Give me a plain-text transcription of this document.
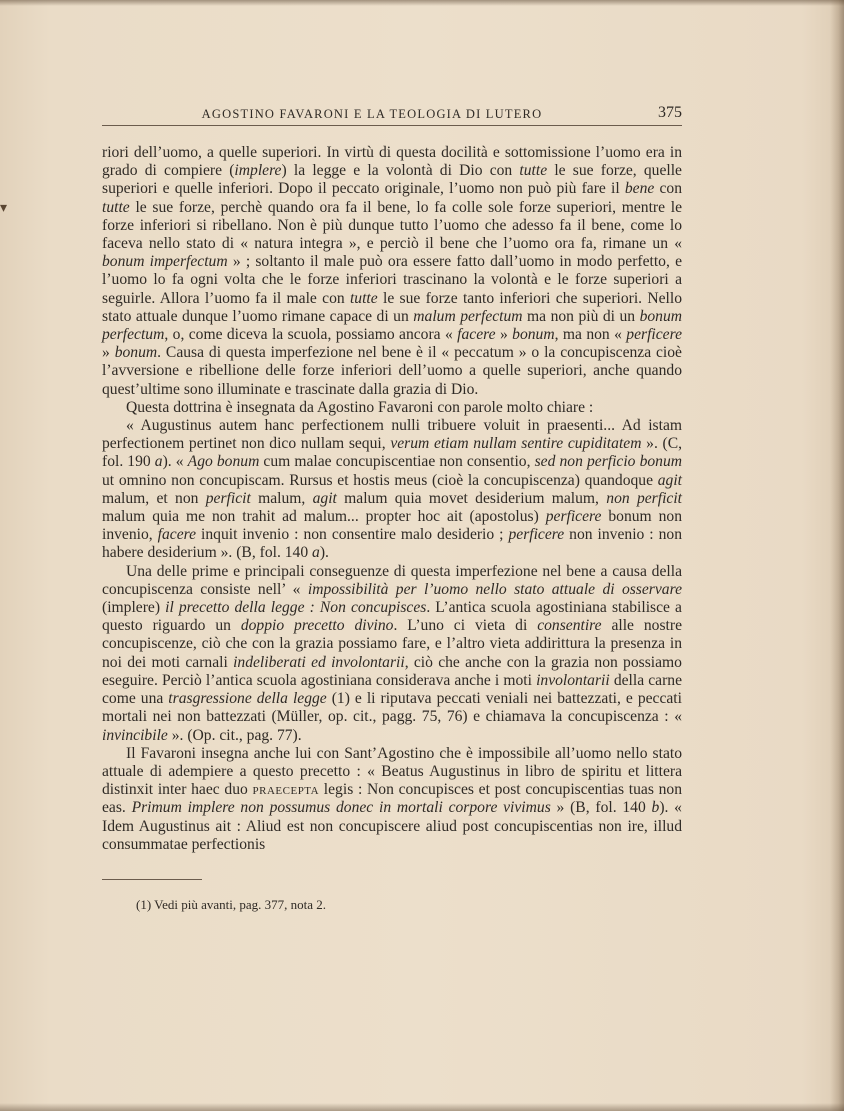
▾
AGOSTINO FAVARONI E LA TEOLOGIA DI LUTERO	375

riori dell’uomo, a quelle superiori. In virtù di questa docilità e sottomissione l’uomo era in grado di compiere (implere) la legge e la volontà di Dio con tutte le sue forze, quelle superiori e quelle inferiori. Dopo il peccato originale, l’uomo non può più fare il bene con tutte le sue forze, perchè quando ora fa il bene, lo fa colle sole forze superiori, mentre le forze inferiori si ribellano. Non è più dunque tutto l’uomo che adesso fa il bene, come lo faceva nello stato di « natura integra », e perciò il bene che l’uomo ora fa, rimane un « bonum imperfectum » ; soltanto il male può ora essere fatto dall’uomo in modo perfetto, e l’uomo lo fa ogni volta che le forze inferiori trascinano la volontà e le forze superiori a seguirle. Allora l’uomo fa il male con tutte le sue forze tanto inferiori che superiori. Nello stato attuale dunque l’uomo rimane capace di un malum perfectum ma non più di un bonum perfectum, o, come diceva la scuola, possiamo ancora « facere » bonum, ma non « perficere » bonum. Causa di questa imperfezione nel bene è il « peccatum » o la concupiscenza cioè l’avversione e ribellione delle forze inferiori dell’uomo a quelle superiori, anche quando quest’ultime sono illuminate e trascinate dalla grazia di Dio.

Questa dottrina è insegnata da Agostino Favaroni con parole molto chiare :

« Augustinus autem hanc perfectionem nulli tribuere voluit in praesenti... Ad istam perfectionem pertinet non dico nullam sequi, verum etiam nullam sentire cupiditatem ». (C, fol. 190 a). « Ago bonum cum malae concupiscentiae non consentio, sed non perficio bonum ut omnino non concupiscam. Rursus et hostis meus (cioè la concupiscenza) quandoque agit malum, et non perficit malum, agit malum quia movet desiderium malum, non perficit malum quia me non trahit ad malum... propter hoc ait (apostolus) perficere bonum non invenio, facere inquit invenio : non consentire malo desiderio ; perficere non invenio : non habere desiderium ». (B, fol. 140 a).

Una delle prime e principali conseguenze di questa imperfezione nel bene a causa della concupiscenza consiste nell’ « impossibilità per l’uomo nello stato attuale di osservare (implere) il precetto della legge : Non concupisces. L’antica scuola agostiniana stabilisce a questo riguardo un doppio precetto divino. L’uno ci vieta di consentire alle nostre concupiscenze, ciò che con la grazia possiamo fare, e l’altro vieta addirittura la presenza in noi dei moti carnali indeliberati ed involontarii, ciò che anche con la grazia non possiamo eseguire. Perciò l’antica scuola agostiniana considerava anche i moti involontarii della carne come una trasgressione della legge (1) e li riputava peccati veniali nei battezzati, e peccati mortali nei non battezzati (Müller, op. cit., pagg. 75, 76) e chiamava la concupiscenza : « invincibile ». (Op. cit., pag. 77).

Il Favaroni insegna anche lui con Sant’Agostino che è impossibile all’uomo nello stato attuale di adempiere a questo precetto : « Beatus Augustinus in libro de spiritu et littera distinxit inter haec duo praecepta legis : Non concupisces et post concupiscentias tuas non eas. Primum implere non possumus donec in mortali corpore vivimus » (B, fol. 140 b). « Idem Augustinus ait : Aliud est non concupiscere aliud post concupiscentias non ire, illud consummatae perfectionis

(1) Vedi più avanti, pag. 377, nota 2.
